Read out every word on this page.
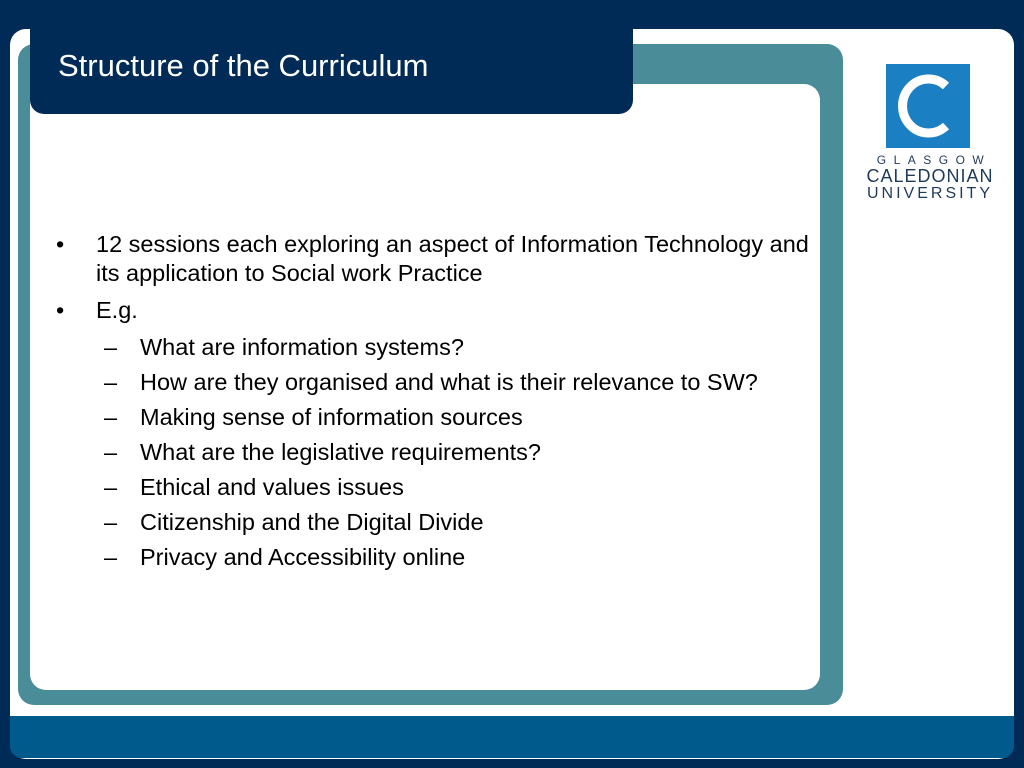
Structure of the Curriculum
GLASGOW
CALEDONIAN
UNIVERSITY
• 12 sessions each exploring an aspect of Information Technology and its application to Social work Practice
• E.g.
– What are information systems?
– How are they organised and what is their relevance to SW?
– Making sense of information sources
– What are the legislative requirements?
– Ethical and values issues
– Citizenship and the Digital Divide
– Privacy and Accessibility online
